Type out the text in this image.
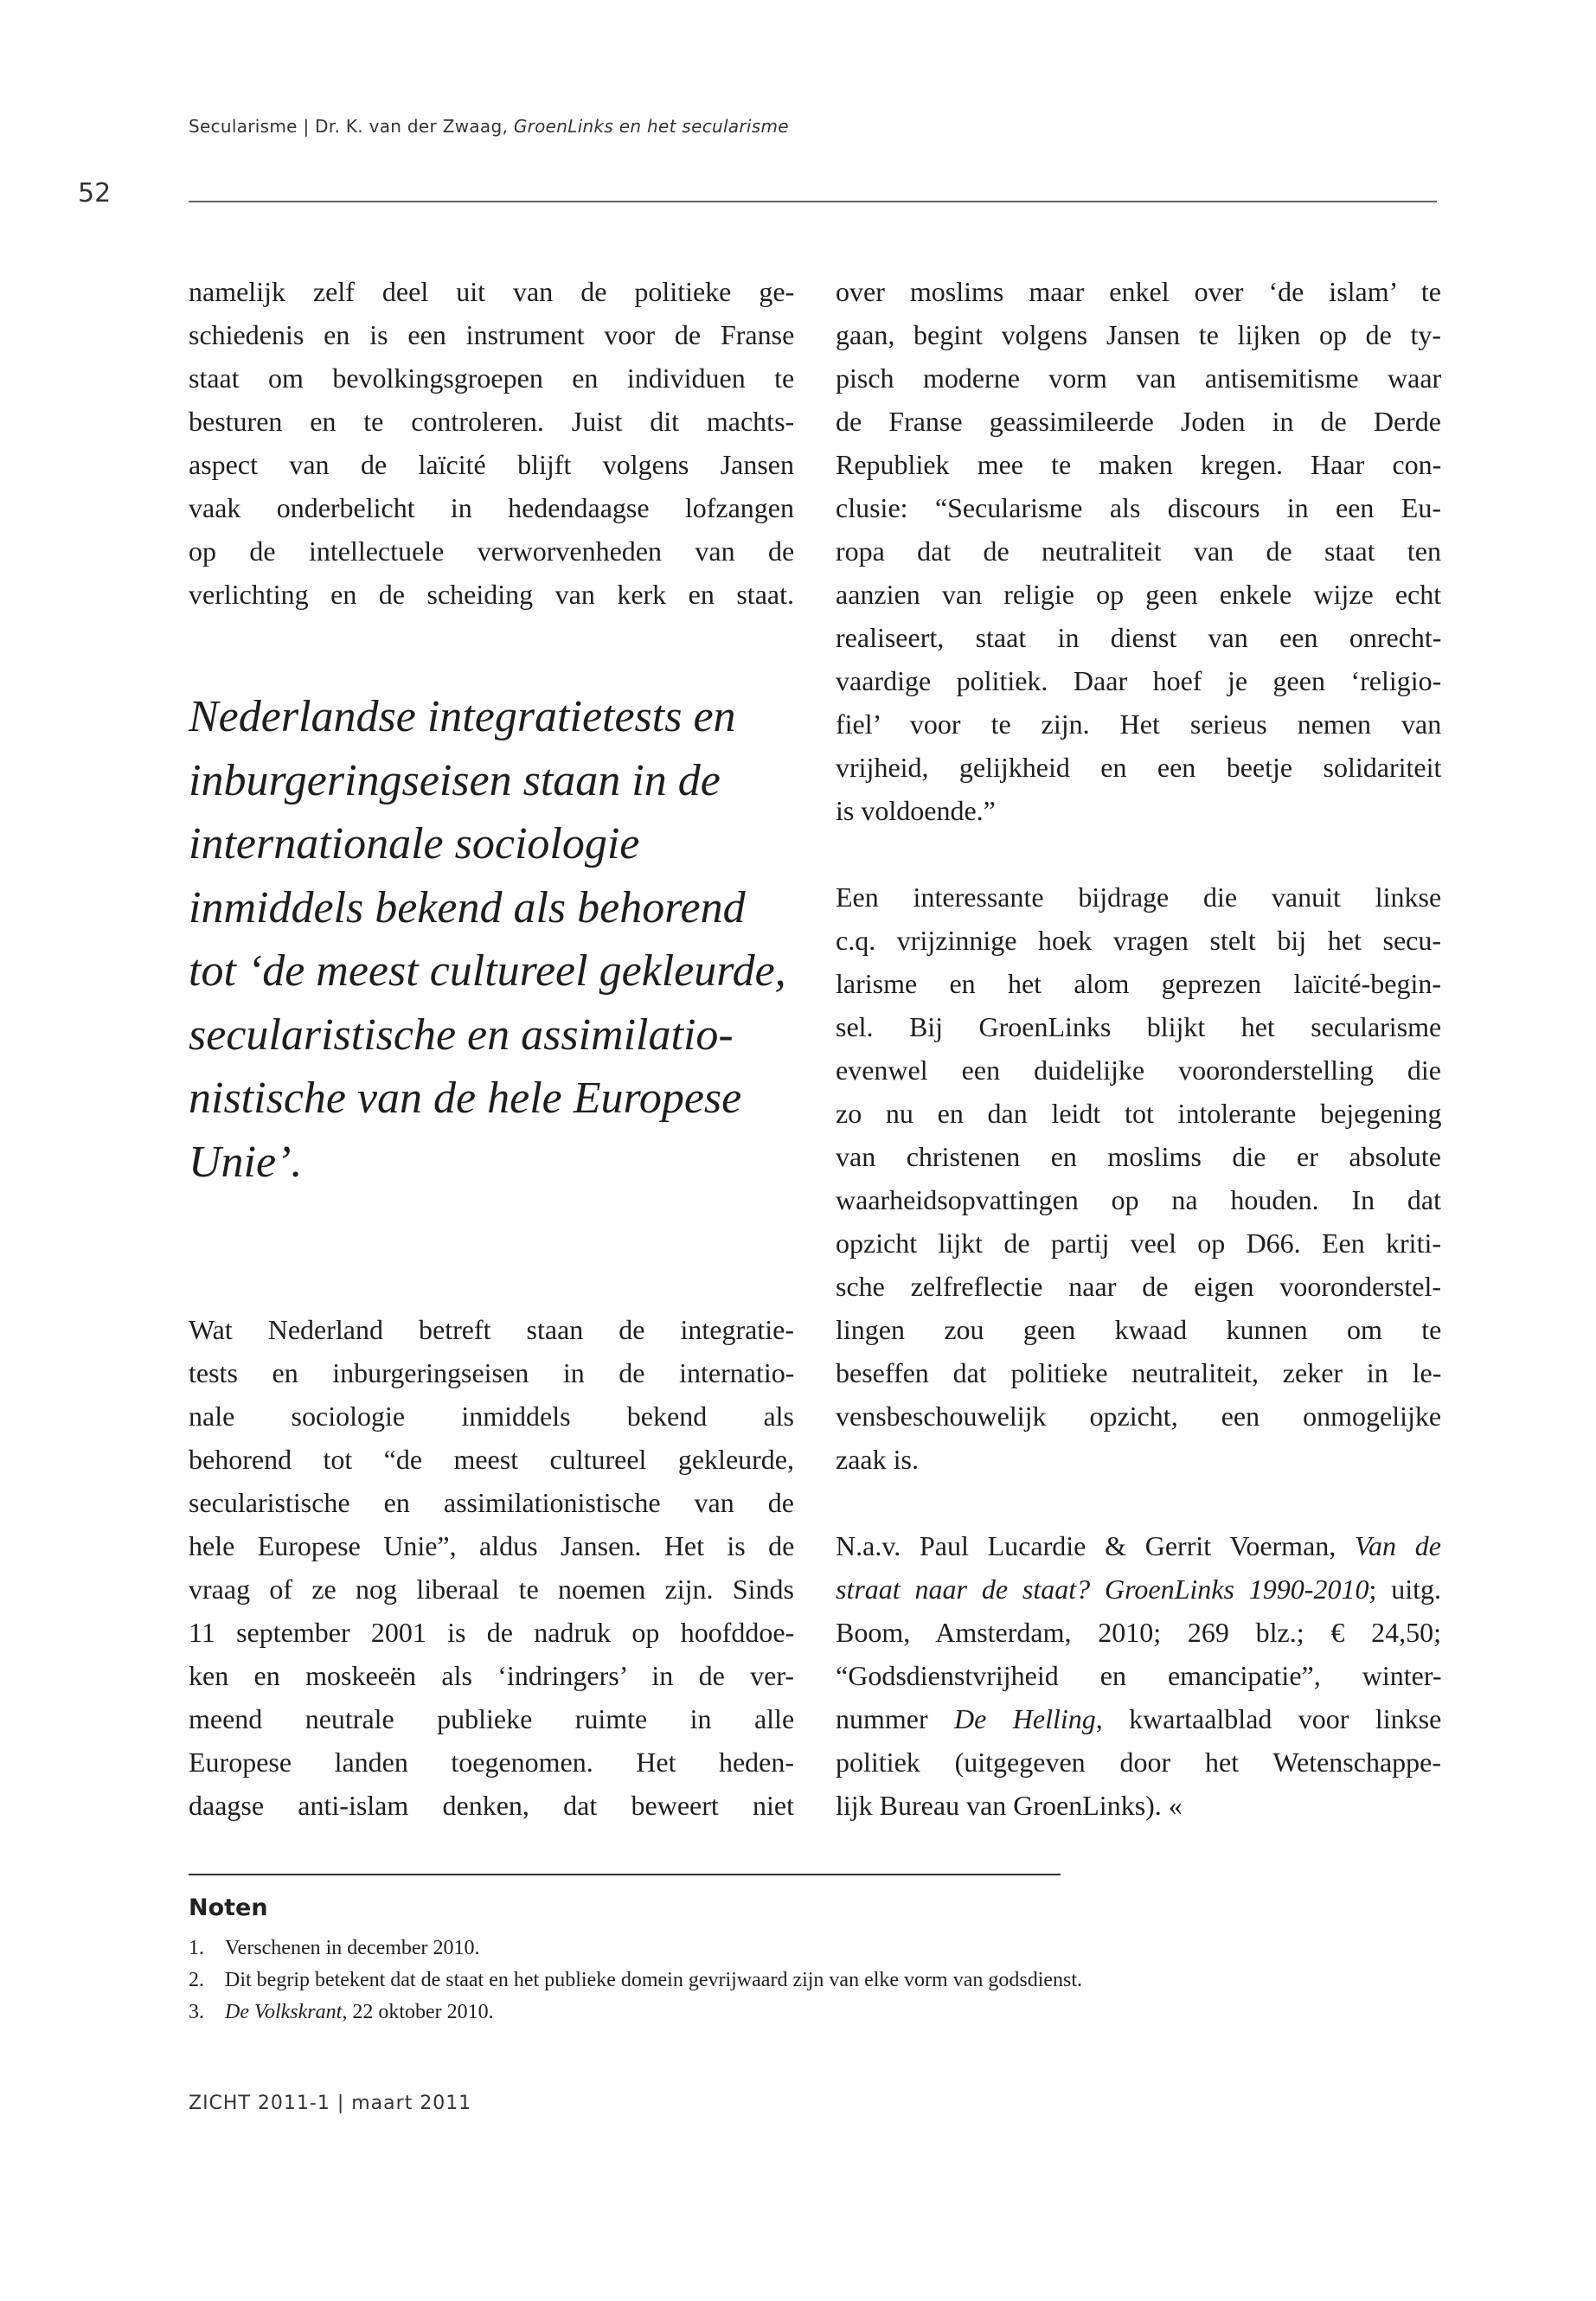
Secularisme | Dr. K. van der Zwaag, GroenLinks en het secularisme
52

namelijk zelf deel uit van de politieke ge-
schiedenis en is een instrument voor de Franse
staat om bevolkingsgroepen en individuen te
besturen en te controleren. Juist dit machts-
aspect van de laïcité blijft volgens Jansen
vaak onderbelicht in hedendaagse lofzangen
op de intellectuele verworvenheden van de
verlichting en de scheiding van kerk en staat.

Nederlandse integratietests en
inburgeringseisen staan in de
internationale sociologie
inmiddels bekend als behorend
tot ‘de meest cultureel gekleurde,
secularistische en assimilatio-
nistische van de hele Europese
Unie’.

Wat Nederland betreft staan de integratie-
tests en inburgeringseisen in de internatio-
nale sociologie inmiddels bekend als
behorend tot “de meest cultureel gekleurde,
secularistische en assimilationistische van de
hele Europese Unie”, aldus Jansen. Het is de
vraag of ze nog liberaal te noemen zijn. Sinds
11 september 2001 is de nadruk op hoofddoe-
ken en moskeeën als ‘indringers’ in de ver-
meend neutrale publieke ruimte in alle
Europese landen toegenomen. Het heden-
daagse anti-islam denken, dat beweert niet

over moslims maar enkel over ‘de islam’ te
gaan, begint volgens Jansen te lijken op de ty-
pisch moderne vorm van antisemitisme waar
de Franse geassimileerde Joden in de Derde
Republiek mee te maken kregen. Haar con-
clusie: “Secularisme als discours in een Eu-
ropa dat de neutraliteit van de staat ten
aanzien van religie op geen enkele wijze echt
realiseert, staat in dienst van een onrecht-
vaardige politiek. Daar hoef je geen ‘religio-
fiel’ voor te zijn. Het serieus nemen van
vrijheid, gelijkheid en een beetje solidariteit
is voldoende.”

Een interessante bijdrage die vanuit linkse
c.q. vrijzinnige hoek vragen stelt bij het secu-
larisme en het alom geprezen laïcité-begin-
sel. Bij GroenLinks blijkt het secularisme
evenwel een duidelijke vooronderstelling die
zo nu en dan leidt tot intolerante bejegening
van christenen en moslims die er absolute
waarheidsopvattingen op na houden. In dat
opzicht lijkt de partij veel op D66. Een kriti-
sche zelfreflectie naar de eigen vooronderstel-
lingen zou geen kwaad kunnen om te
beseffen dat politieke neutraliteit, zeker in le-
vensbeschouwelijk opzicht, een onmogelijke
zaak is.

N.a.v. Paul Lucardie & Gerrit Voerman, Van de
straat naar de staat? GroenLinks 1990-2010; uitg.
Boom, Amsterdam, 2010; 269 blz.; € 24,50;
“Godsdienstvrijheid en emancipatie”, winter-
nummer De Helling, kwartaalblad voor linkse
politiek (uitgegeven door het Wetenschappe-
lijk Bureau van GroenLinks). «

Noten
1. Verschenen in december 2010.
2. Dit begrip betekent dat de staat en het publieke domein gevrijwaard zijn van elke vorm van godsdienst.
3. De Volkskrant, 22 oktober 2010.
ZICHT 2011-1 | maart 2011
